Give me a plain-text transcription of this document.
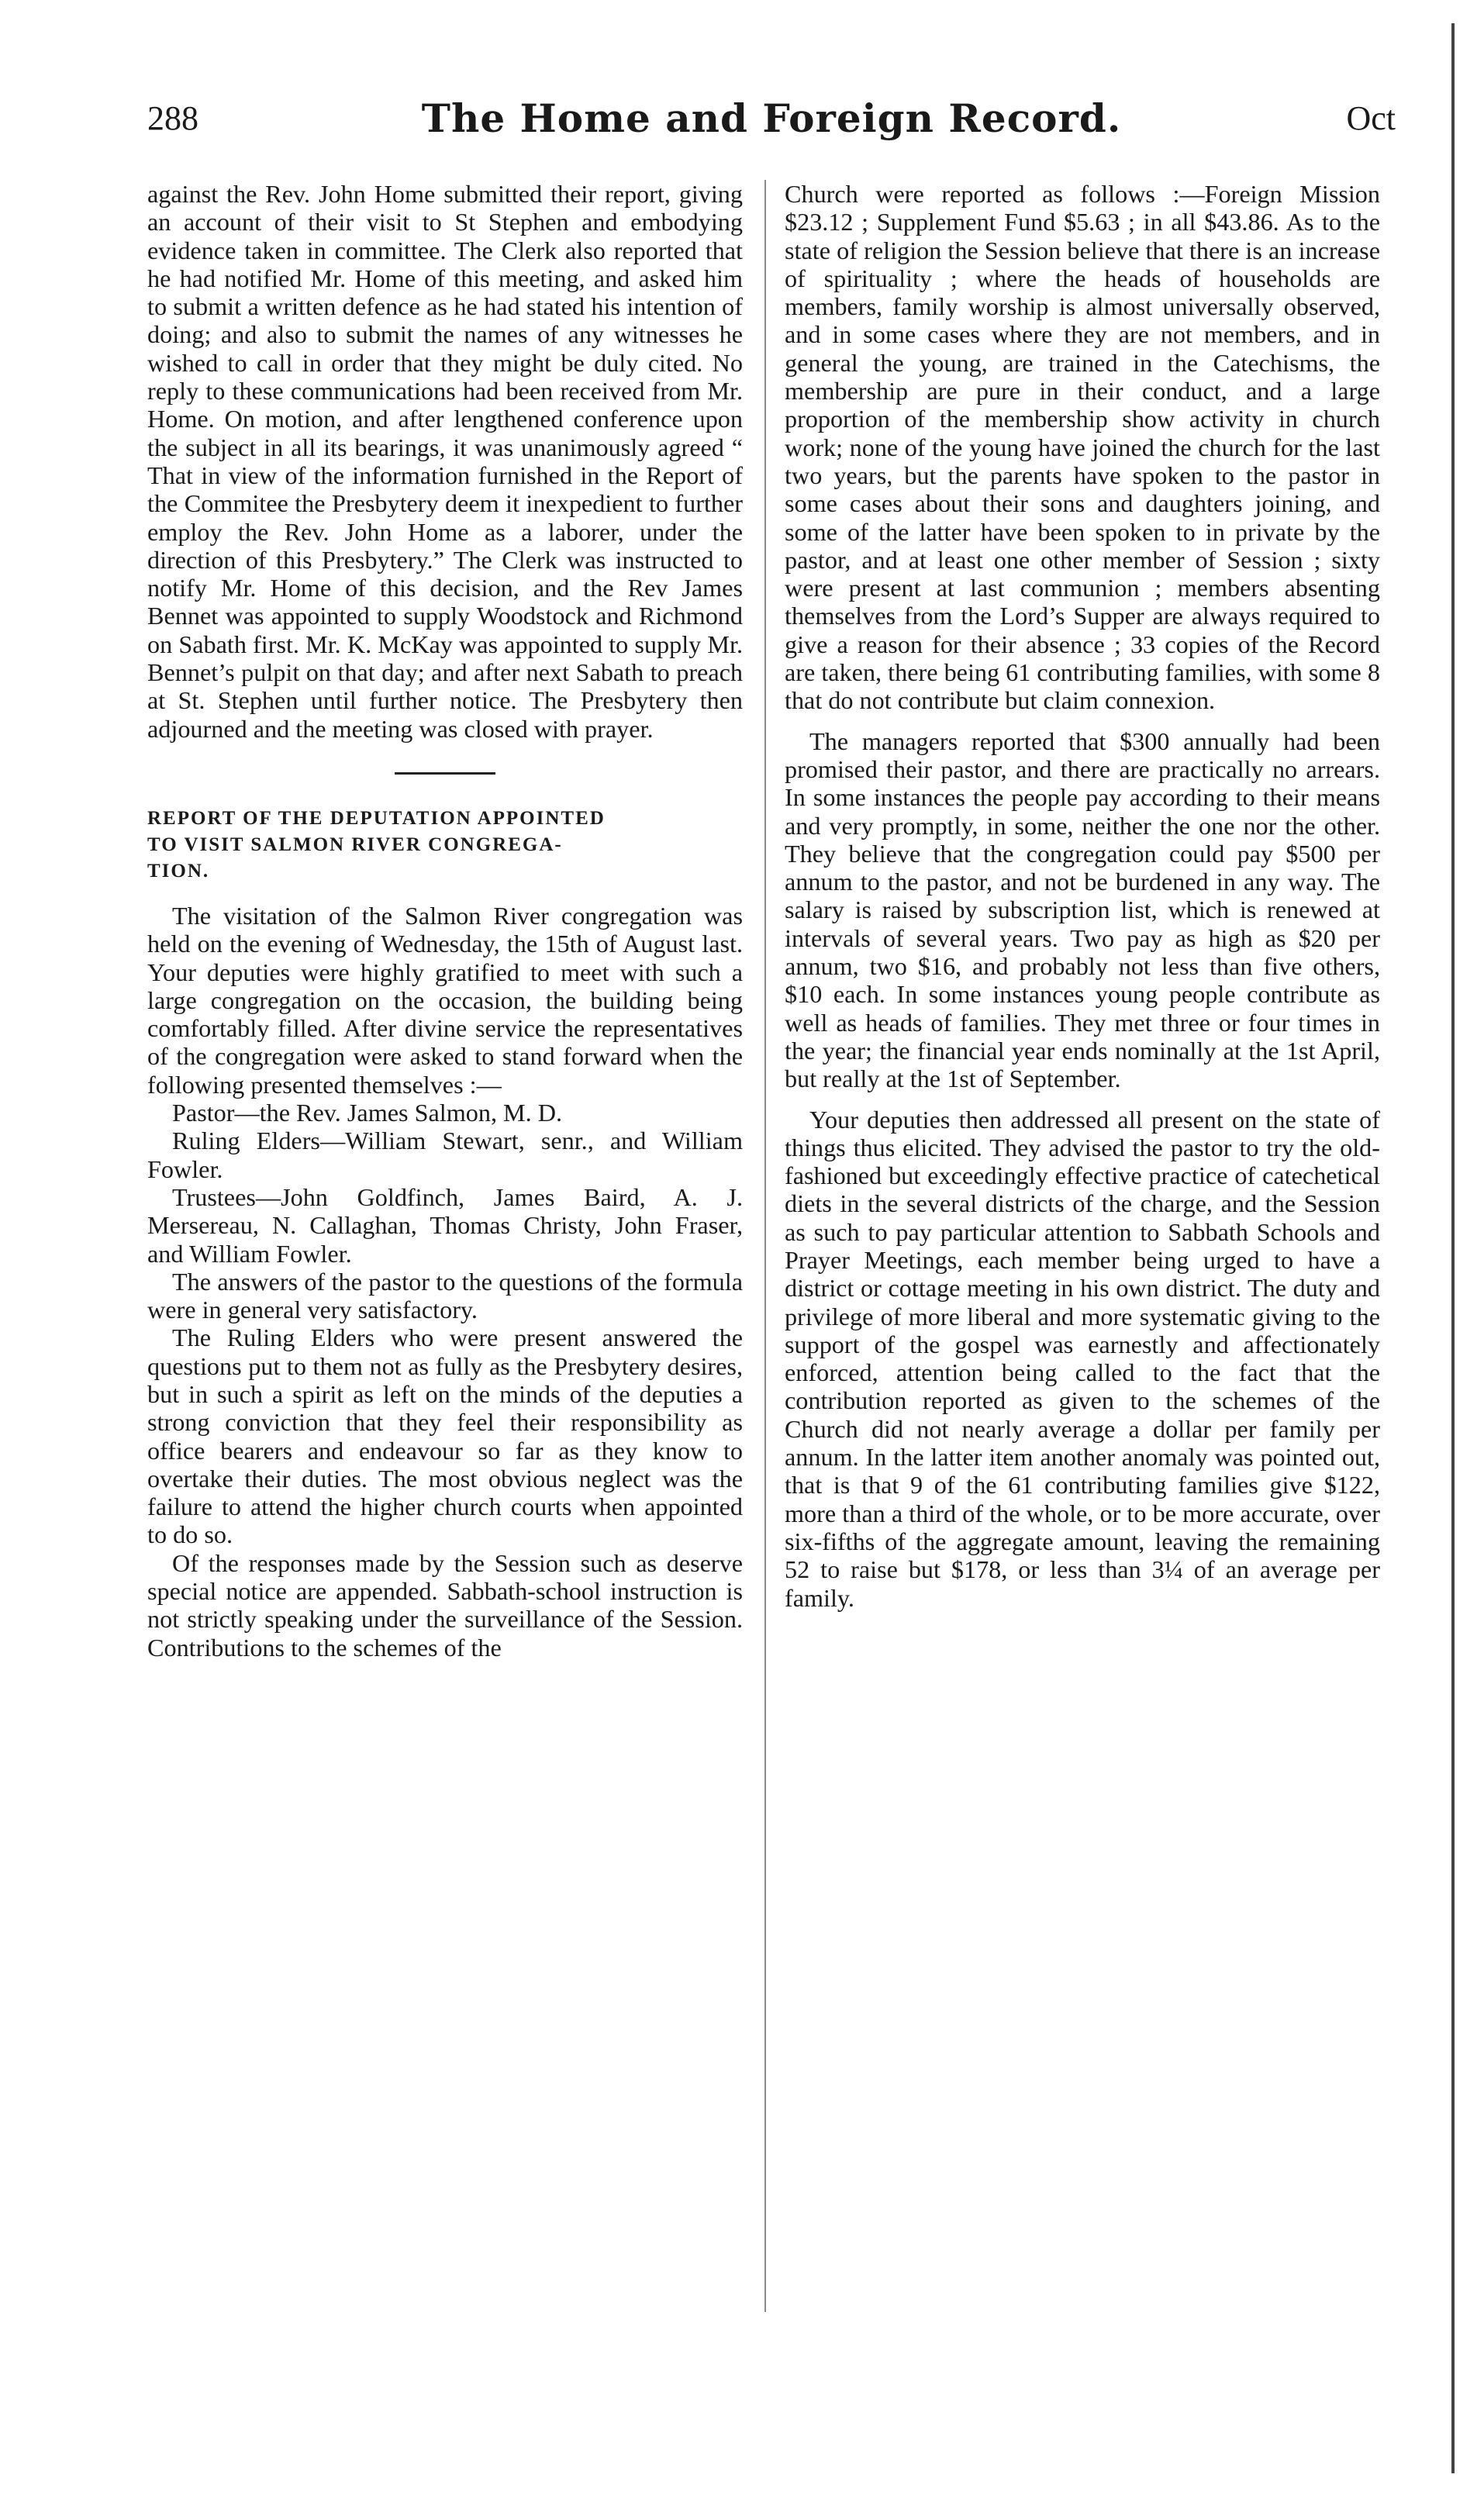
288	The Home and Foreign Record.	Oct

against the Rev. John Home submitted their report, giving an account of their visit to St Stephen and embodying evidence taken in committee. The Clerk also reported that he had notified Mr. Home of this meeting, and asked him to submit a written defence as he had stated his intention of doing; and also to submit the names of any witnesses he wished to call in order that they might be duly cited. No reply to these communications had been received from Mr. Home. On motion, and after lengthened conference upon the subject in all its bearings, it was unanimously agreed “ That in view of the information furnished in the Report of the Commitee the Presbytery deem it inexpedient to further employ the Rev. John Home as a laborer, under the direction of this Presbytery.” The Clerk was instructed to notify Mr. Home of this decision, and the Rev James Bennet was appointed to supply Woodstock and Richmond on Sabath first. Mr. K. McKay was appointed to supply Mr. Bennet’s pulpit on that day; and after next Sabath to preach at St. Stephen until further notice. The Presbytery then adjourned and the meeting was closed with prayer.

REPORT OF THE DEPUTATION APPOINTED
TO VISIT SALMON RIVER CONGREGA-
TION.

The visitation of the Salmon River congregation was held on the evening of Wednesday, the 15th of August last. Your deputies were highly gratified to meet with such a large congregation on the occasion, the building being comfortably filled. After divine service the representatives of the congregation were asked to stand forward when the following presented themselves :—

Pastor—the Rev. James Salmon, M. D.

Ruling Elders—William Stewart, senr., and William Fowler.

Trustees—John Goldfinch, James Baird, A. J. Mersereau, N. Callaghan, Thomas Christy, John Fraser, and William Fowler.

The answers of the pastor to the questions of the formula were in general very satisfactory.

The Ruling Elders who were present answered the questions put to them not as fully as the Presbytery desires, but in such a spirit as left on the minds of the deputies a strong conviction that they feel their responsibility as office bearers and endeavour so far as they know to overtake their duties. The most obvious neglect was the failure to attend the higher church courts when appointed to do so.

Of the responses made by the Session such as deserve special notice are appended. Sabbath-school instruction is not strictly speaking under the surveillance of the Session. Contributions to the schemes of the

Church were reported as follows :—Foreign Mission $23.12 ; Supplement Fund $5.63 ; in all $43.86. As to the state of religion the Session believe that there is an increase of spirituality ; where the heads of households are members, family worship is almost universally observed, and in some cases where they are not members, and in general the young, are trained in the Catechisms, the membership are pure in their conduct, and a large proportion of the membership show activity in church work; none of the young have joined the church for the last two years, but the parents have spoken to the pastor in some cases about their sons and daughters joining, and some of the latter have been spoken to in private by the pastor, and at least one other member of Session ; sixty were present at last communion ; members absenting themselves from the Lord’s Supper are always required to give a reason for their absence ; 33 copies of the Record are taken, there being 61 contributing families, with some 8 that do not contribute but claim connexion.

The managers reported that $300 annually had been promised their pastor, and there are practically no arrears. In some instances the people pay according to their means and very promptly, in some, neither the one nor the other. They believe that the congregation could pay $500 per annum to the pastor, and not be burdened in any way. The salary is raised by subscription list, which is renewed at intervals of several years. Two pay as high as $20 per annum, two $16, and probably not less than five others, $10 each. In some instances young people contribute as well as heads of families. They met three or four times in the year; the financial year ends nominally at the 1st April, but really at the 1st of September.

Your deputies then addressed all present on the state of things thus elicited. They advised the pastor to try the old-fashioned but exceedingly effective practice of catechetical diets in the several districts of the charge, and the Session as such to pay particular attention to Sabbath Schools and Prayer Meetings, each member being urged to have a district or cottage meeting in his own district. The duty and privilege of more liberal and more systematic giving to the support of the gospel was earnestly and affectionately enforced, attention being called to the fact that the contribution reported as given to the schemes of the Church did not nearly average a dollar per family per annum. In the latter item another anomaly was pointed out, that is that 9 of the 61 contributing families give $122, more than a third of the whole, or to be more accurate, over six-fifths of the aggregate amount, leaving the remaining 52 to raise but $178, or less than 3¼ of an average per family.
